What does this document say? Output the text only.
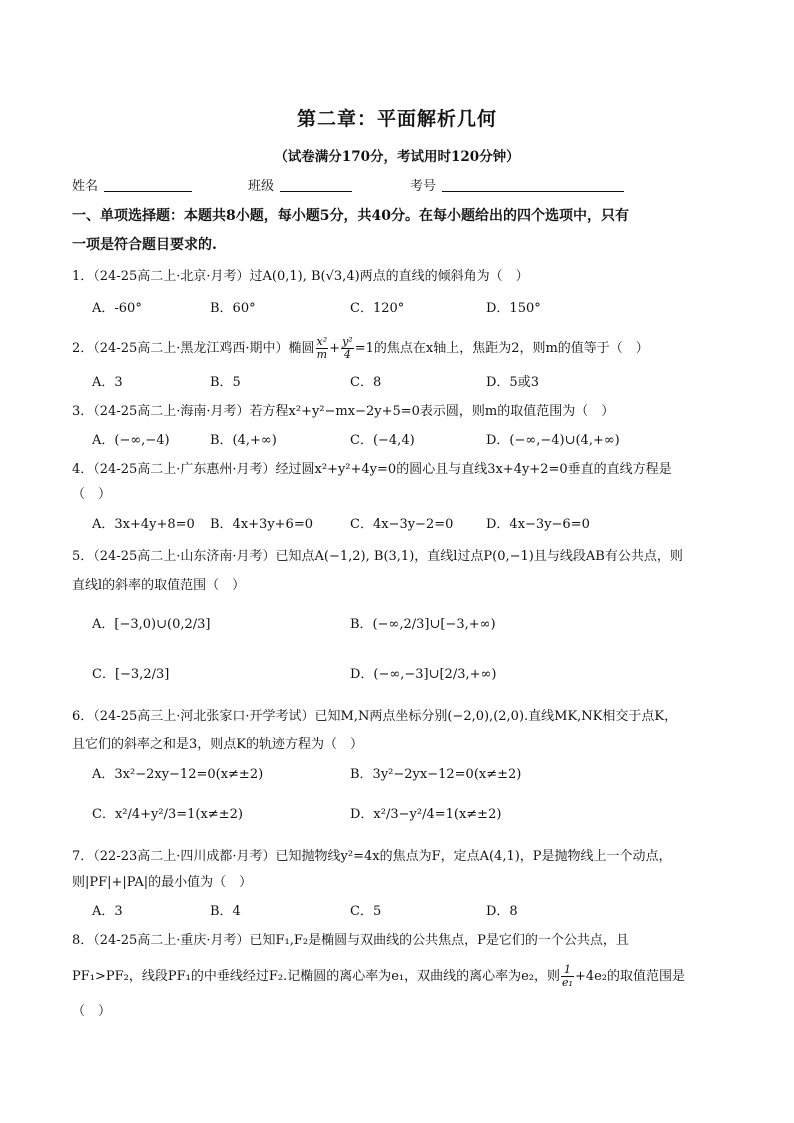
第二章：平面解析几何
（试卷满分170分，考试用时120分钟）
姓名	班级	考号
一、单项选择题：本题共8小题，每小题5分，共40分。在每小题给出的四个选项中，只有
一项是符合题目要求的.
1．（24-25高二上·北京·月考）过A(0,1), B(√3,4)两点的直线的倾斜角为（　）
A．-60°	B．60°	C．120°	D．150°
2．（24-25高二上·黑龙江鸡西·期中）椭圆 $\frac{\text{x²}}{m} + \frac{\text{y²}}{4} =1$的焦点在x轴上，焦距为2，则m的值等于（　）
A．3	B．5	C．8	D．5或3
3．（24-25高二上·海南·月考）若方程x²+y²−mx−2y+5=0表示圆，则m的取值范围为（　）
A．(−∞,−4)	B．(4,+∞)	C．(−4,4)	D．(−∞,−4)∪(4,+∞)
4．（24-25高二上·广东惠州·月考）经过圆x²+y²+4y=0的圆心且与直线3x+4y+2=0垂直的直线方程是
（　）
A．3x+4y+8=0 B．4x+3y+6=0	C．4x−3y−2=0	D．4x−3y−6=0
5．（24-25高二上·山东济南·月考）已知点A(−1,2), B(3,1)，直线l过点P(0,−1)且与线段AB有公共点，则
直线l的斜率的取值范围（　）
A．[−3,0)∪(0,2/3]	B．(−∞,2/3]∪[−3,+∞)
C．[−3,2/3]	D．(−∞,−3]∪[2/3,+∞)
6．（24-25高三上·河北张家口·开学考试）已知M,N两点坐标分别(−2,0),(2,0).直线MK,NK相交于点K，
且它们的斜率之和是3，则点K的轨迹方程为（　）
A．3x²−2xy−12=0(x≠±2)	B．3y²−2yx−12=0(x≠±2)
C．x²/4+y²/3=1(x≠±2)	D．x²/3−y²/4=1(x≠±2)
7．（22-23高二上·四川成都·月考）已知抛物线y²=4x的焦点为F，定点A(4,1)，P是抛物线上一个动点，
则|PF|+|PA|的最小值为（　）
A．3	B．4	C．5	D．8
8．（24-25高二上·重庆·月考）已知F₁,F₂是椭圆与双曲线的公共焦点，P是它们的一个公共点，且
PF₁>PF₂，线段PF₁的中垂线经过F₂.记椭圆的离心率为e₁，双曲线的离心率为e₂，则 $\frac{1}{\text{e₁}} +4e_2$的取值范围是
（　）
